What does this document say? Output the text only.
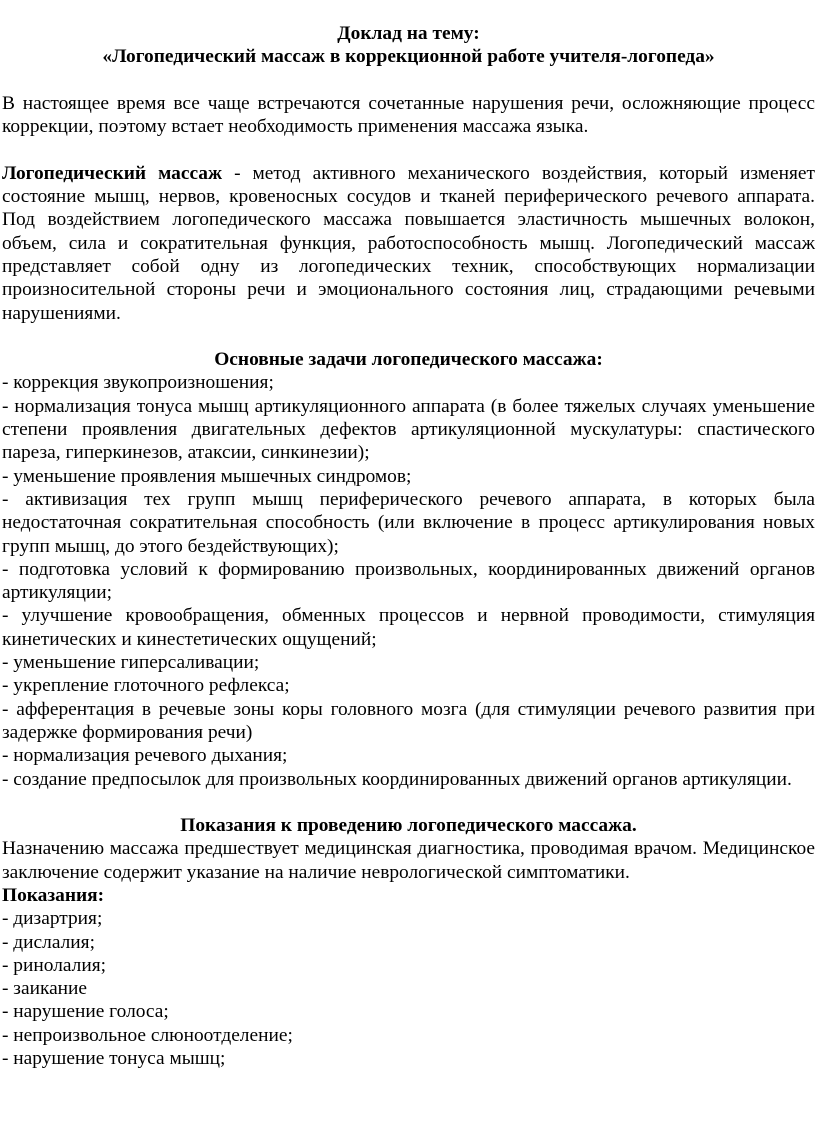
Доклад на тему:
«Логопедический массаж в коррекционной работе учителя-логопеда»

В настоящее время все чаще встречаются сочетанные нарушения речи, осложняющие процесс коррекции, поэтому встает необходимость применения массажа языка.

Логопедический массаж - метод активного механического воздействия, который изменяет состояние мышц, нервов, кровеносных сосудов и тканей периферического речевого аппарата. Под воздействием логопедического массажа повышается эластичность мышечных волокон, объем, сила и сократительная функция, работоспособность мышц. Логопедический массаж представляет собой одну из логопедических техник, способствующих нормализации произносительной стороны речи и эмоционального состояния лиц, страдающими речевыми нарушениями.

Основные задачи логопедического массажа:

- коррекция звукопроизношения;

- нормализация тонуса мышц артикуляционного аппарата (в более тяжелых случаях уменьшение степени проявления двигательных дефектов артикуляционной мускулатуры: спастического пареза, гиперкинезов, атаксии, синкинезии);

- уменьшение проявления мышечных синдромов;

- активизация тех групп мышц периферического речевого аппарата, в которых была недостаточная сократительная способность (или включение в процесс артикулирования новых групп мышц, до этого бездействующих);

- подготовка условий к формированию произвольных, координированных движений органов артикуляции;

- улучшение кровообращения, обменных процессов и нервной проводимости, стимуляция кинетических и кинестетических ощущений;

- уменьшение гиперсаливации;

- укрепление глоточного рефлекса;

- афферентация в речевые зоны коры головного мозга (для стимуляции речевого развития при задержке формирования речи)

- нормализация речевого дыхания;

- создание предпосылок для произвольных координированных движений органов артикуляции.

Показания к проведению логопедического массажа.

Назначению массажа предшествует медицинская диагностика, проводимая врачом. Медицинское заключение содержит указание на наличие неврологической симптоматики.

Показания:

- дизартрия;

- дислалия;

- ринолалия;

- заикание

- нарушение голоса;

- непроизвольное слюноотделение;

- нарушение тонуса мышц;
